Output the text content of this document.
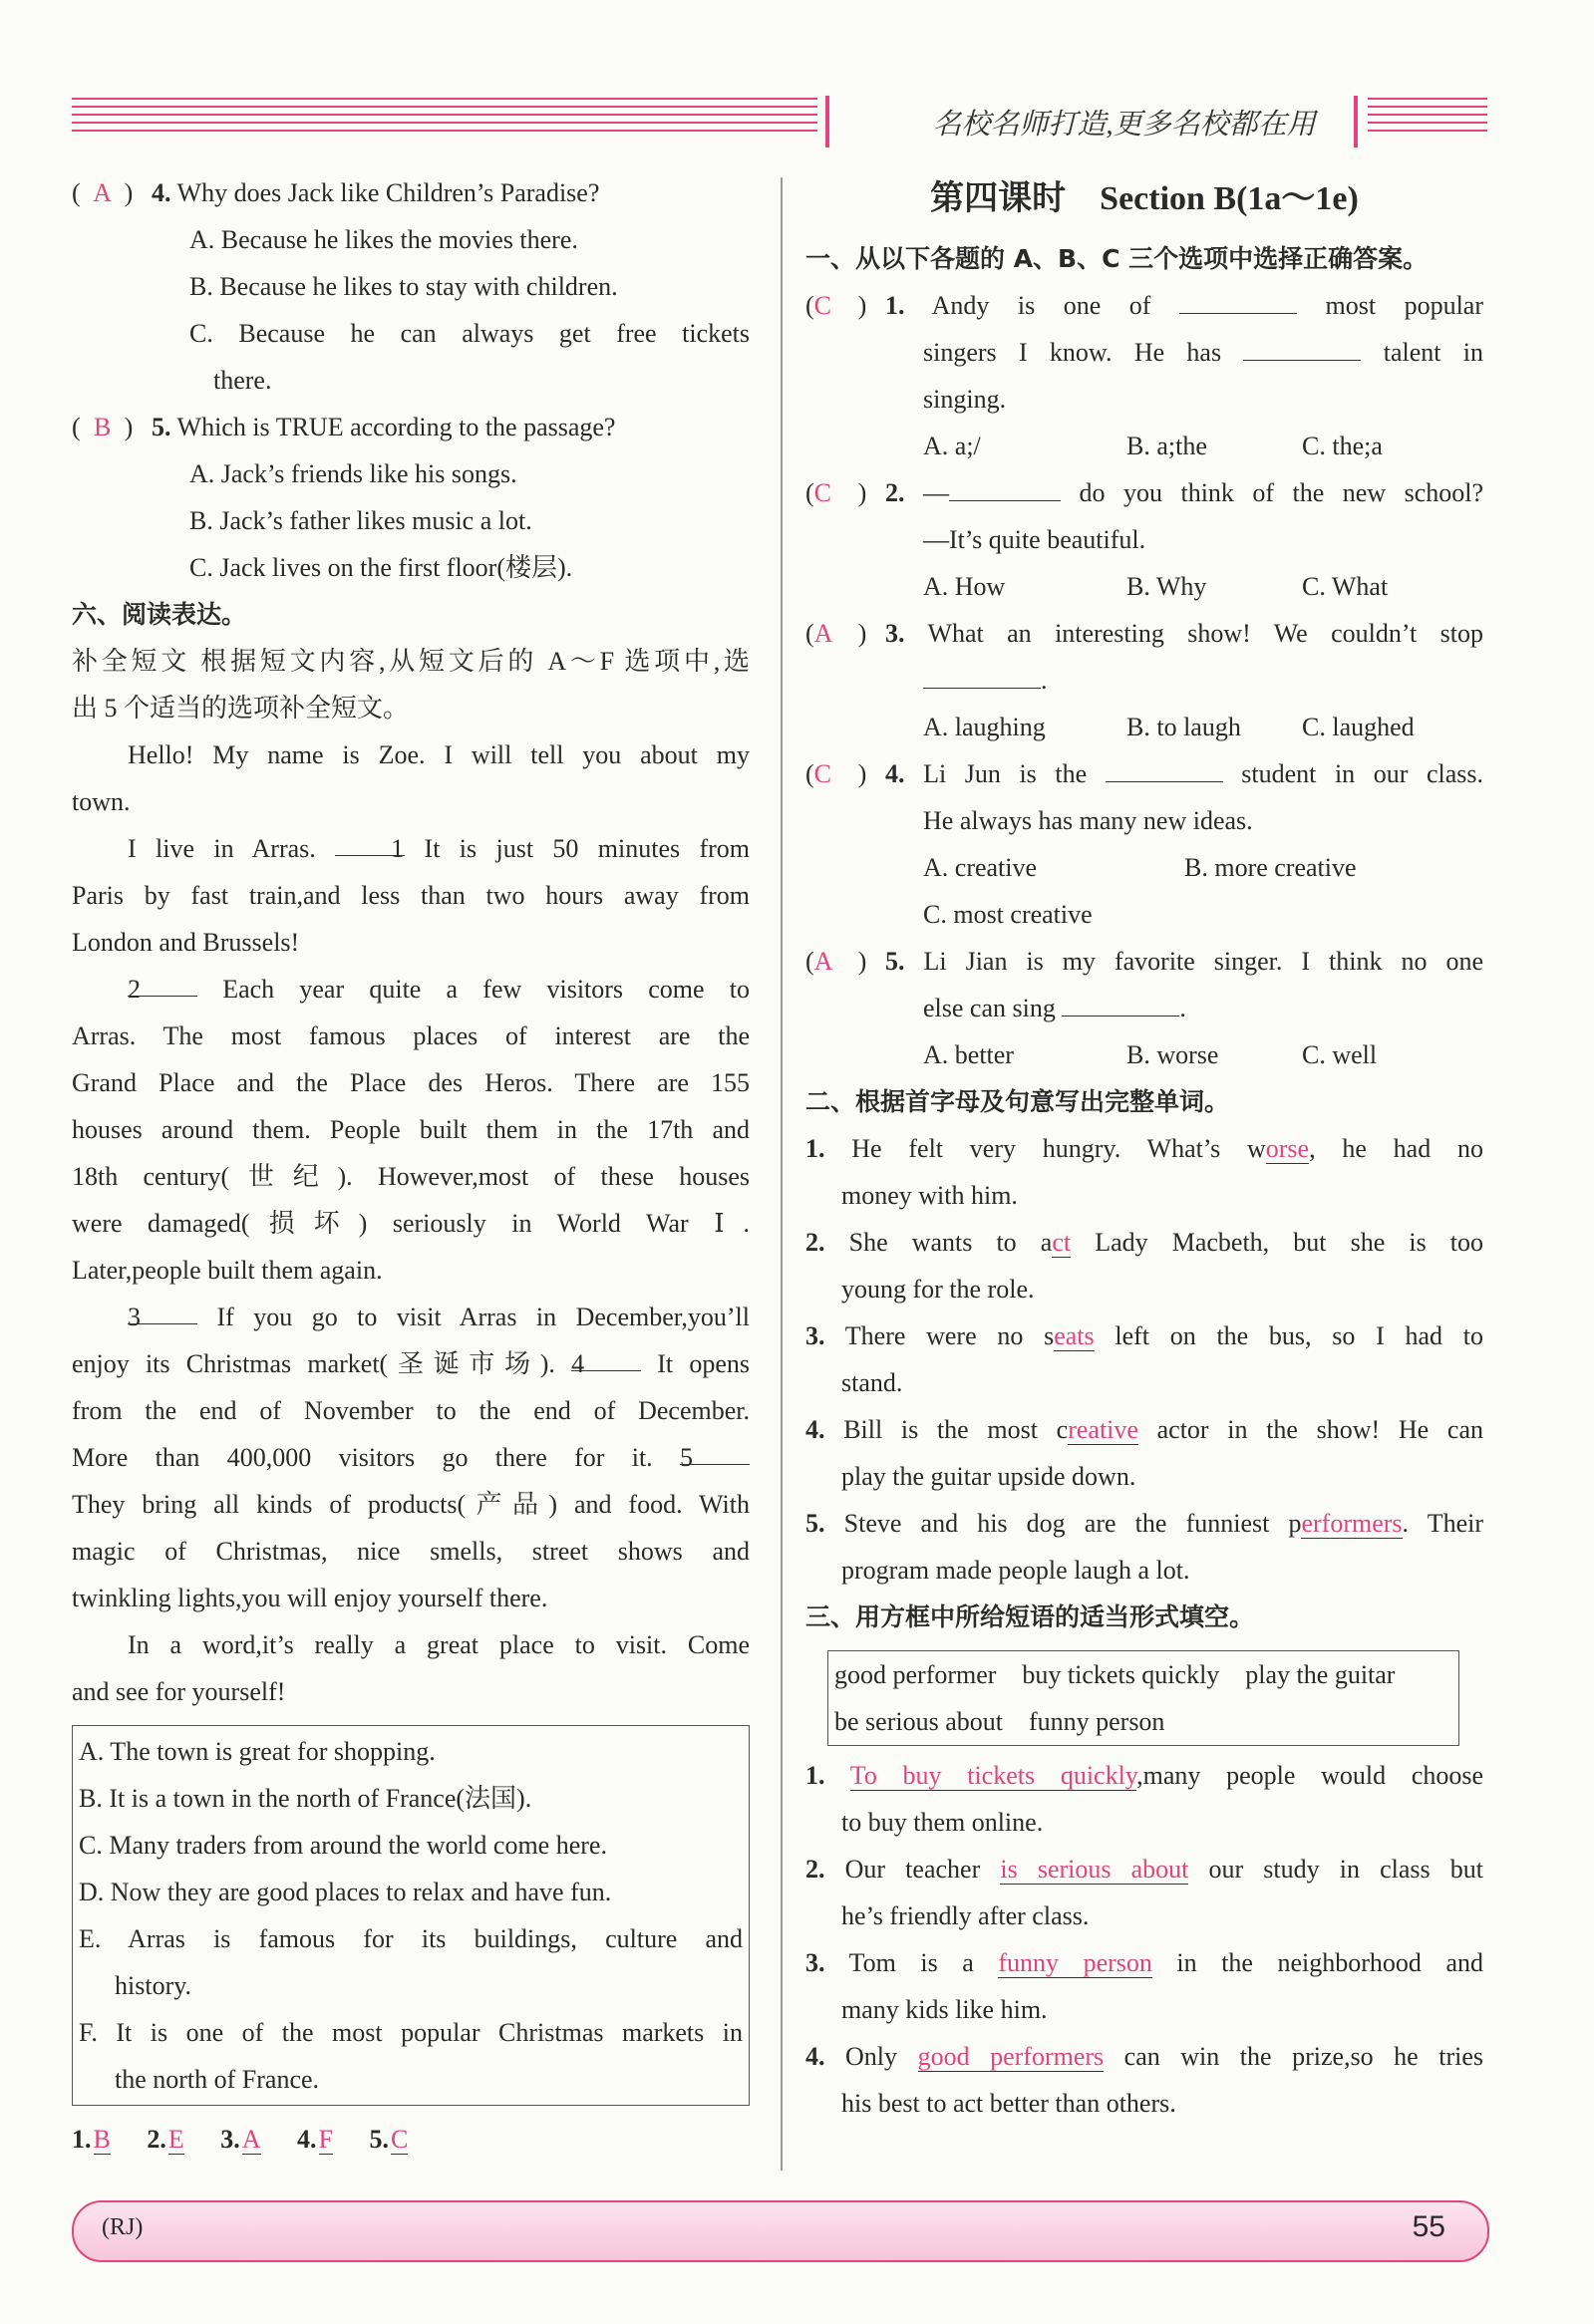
名校名师打造,更多名校都在用
( A ) 4. Why does Jack like Children’s Paradise?
A. Because he likes the movies there.
B. Because he likes to stay with children.
C. Because he can always get free tickets
there.
( B ) 5. Which is TRUE according to the passage?
A. Jack’s friends like his songs.
B. Jack’s father likes music a lot.
C. Jack lives on the first floor(楼层).
六、阅读表达。
补全短文 根据短文内容,从短文后的 A～F 选项中,选
出 5 个适当的选项补全短文。
Hello! My name is Zoe. I will tell you about my
town.
I live in Arras.	1 It is just 50 minutes from
Paris by fast train,and less than two hours away from
London and Brussels!
2	Each year quite a few visitors come to
Arras. The most famous places of interest are the
Grand Place and the Place des Heros. There are 155
houses around them. People built them in the 17th and
18th century(世纪). However,most of these houses
were damaged(损坏) seriously in World War Ⅰ.
Later,people built them again.
3	If you go to visit Arras in December,you’ll
enjoy its Christmas market(圣诞市场). 4	It opens
from the end of November to the end of December.
More than 400,000 visitors go there for it. 5
They bring all kinds of products(产品) and food. With
magic of Christmas, nice smells, street shows and
twinkling lights,you will enjoy yourself there.
In a word,it’s really a great place to visit. Come
and see for yourself!
A. The town is great for shopping.
B. It is a town in the north of France(法国).
C. Many traders from around the world come here.
D. Now they are good places to relax and have fun.
E. Arras is famous for its buildings, culture and
history.
F. It is one of the most popular Christmas markets in
the north of France.
1.B 2.E 3.A 4.F 5.C
第四课时　Section B(1a～1e)
一、从以下各题的 A、B、C 三个选项中选择正确答案。
(C ) 1. Andy is one of	most popular
singers I know. He has	talent in
singing.
A. a;/	B. a;the	C. the;a
(C ) 2. —	do you think of the new school?
—It’s quite beautiful.
A. How	B. Why	C. What
(A ) 3. What an interesting show! We couldn’t stop
.
A. laughing	B. to laugh C. laughed
(C ) 4. Li Jun is the	student in our class.
He always has many new ideas.
A. creative	B. more creative
C. most creative
(A ) 5. Li Jian is my favorite singer. I think no one
else can sing	.
A. better	B. worse	C. well
二、根据首字母及句意写出完整单词。
1. He felt very hungry. What’s worse, he had no
money with him.
2. She wants to act Lady Macbeth, but she is too
young for the role.
3. There were no seats left on the bus, so I had to
stand.
4. Bill is the most creative actor in the show! He can
play the guitar upside down.
5. Steve and his dog are the funniest performers. Their
program made people laugh a lot.
三、用方框中所给短语的适当形式填空。
good performer　buy tickets quickly　play the guitar
be serious about　funny person
1. To buy tickets quickly,many people would choose
to buy them online.
2. Our teacher is serious about our study in class but
he’s friendly after class.
3. Tom is a funny person in the neighborhood and
many kids like him.
4. Only good performers can win the prize,so he tries
his best to act better than others.
(RJ)	55
